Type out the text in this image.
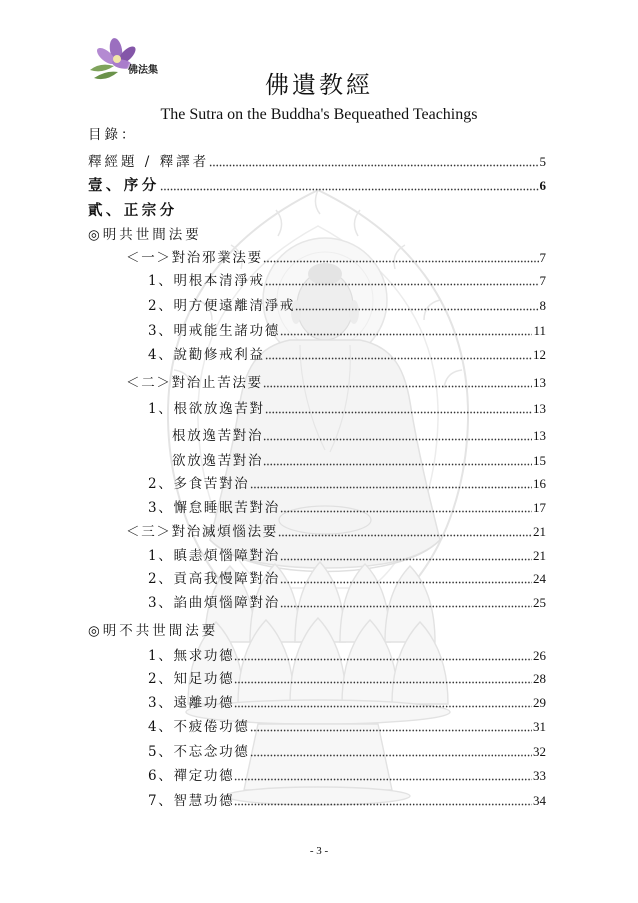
佛法集
佛遺教經
The Sutra on the Buddha's Bequeathed Teachings
目錄：
釋經題 / 釋譯者	5
壹、序分	6
貳、正宗分
◎明共世間法要
＜一＞對治邪業法要	7
1、明根本清淨戒	7
2、明方便遠離清淨戒	8
3、明戒能生諸功德	11
4、說勸修戒利益	12
＜二＞對治止苦法要	13
1、根欲放逸苦對	13
根放逸苦對治	13
欲放逸苦對治	15
2、多食苦對治	16
3、懈怠睡眠苦對治	17
＜三＞對治滅煩惱法要	21
1、瞋恚煩惱障對治	21
2、貢高我慢障對治	24
3、諂曲煩惱障對治	25
◎明不共世間法要
1、無求功德	26
2、知足功德	28
3、遠離功德	29
4、不疲倦功德	31
5、不忘念功德	32
6、禪定功德	33
7、智慧功德	34
- 3 -
